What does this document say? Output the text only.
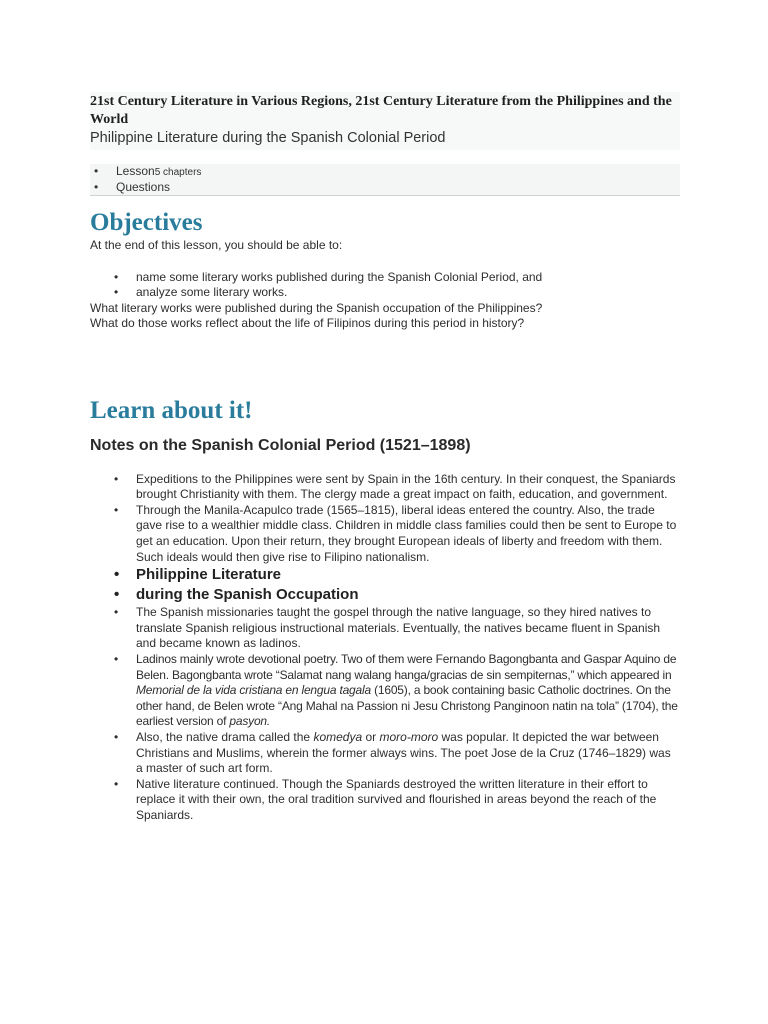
21st Century Literature in Various Regions, 21st Century Literature from the Philippines and the World

Philippine Literature during the Spanish Colonial Period

• Lesson5 chapters
• Questions
Objectives

At the end of this lesson, you should be able to:

• name some literary works published during the Spanish Colonial Period, and
• analyze some literary works.

What literary works were published during the Spanish occupation of the Philippines?

What do those works reflect about the life of Filipinos during this period in history?

Learn about it!
Notes on the Spanish Colonial Period (1521–1898)
• Expeditions to the Philippines were sent by Spain in the 16th century. In their conquest, the Spaniards brought Christianity with them. The clergy made a great impact on faith, education, and government.
• Through the Manila-Acapulco trade (1565–1815), liberal ideas entered the country. Also, the trade gave rise to a wealthier middle class. Children in middle class families could then be sent to Europe to get an education. Upon their return, they brought European ideals of liberty and freedom with them. Such ideals would then give rise to Filipino nationalism.
• Philippine Literature
• during the Spanish Occupation
• The Spanish missionaries taught the gospel through the native language, so they hired natives to translate Spanish religious instructional materials. Eventually, the natives became fluent in Spanish and became known as ladinos.
• Ladinos mainly wrote devotional poetry. Two of them were Fernando Bagongbanta and Gaspar Aquino de Belen. Bagongbanta wrote “Salamat nang walang hanga/gracias de sin sempiternas,” which appeared in Memorial de la vida cristiana en lengua tagala (1605), a book containing basic Catholic doctrines. On the other hand, de Belen wrote “Ang Mahal na Passion ni Jesu Christong Panginoon natin na tola” (1704), the earliest version of pasyon.
• Also, the native drama called the komedya or moro-moro was popular. It depicted the war between Christians and Muslims, wherein the former always wins. The poet Jose de la Cruz (1746–1829) was a master of such art form.
• Native literature continued. Though the Spaniards destroyed the written literature in their effort to replace it with their own, the oral tradition survived and flourished in areas beyond the reach of the Spaniards.
